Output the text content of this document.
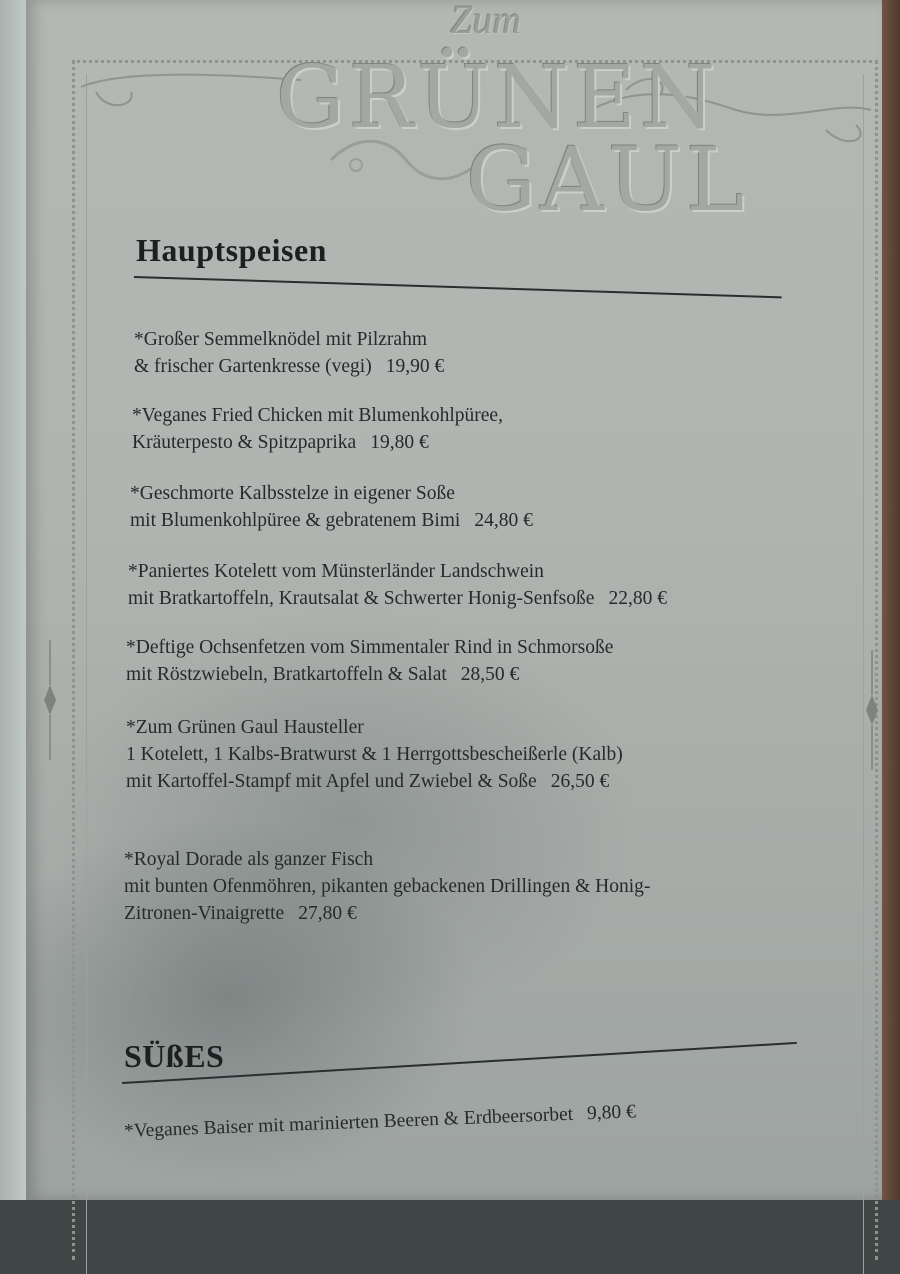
Zum
GRÜNEN
GAUL
Hauptspeisen
*Großer Semmelknödel mit Pilzrahm
& frischer Gartenkresse (vegi) 19,90 €
*Veganes Fried Chicken mit Blumenkohlpüree,
Kräuterpesto & Spitzpaprika 19,80 €
*Geschmorte Kalbsstelze in eigener Soße
mit Blumenkohlpüree & gebratenem Bimi 24,80 €
*Paniertes Kotelett vom Münsterländer Landschwein
mit Bratkartoffeln, Krautsalat & Schwerter Honig-Senfsoße 22,80 €
*Deftige Ochsenfetzen vom Simmentaler Rind in Schmorsoße
mit Röstzwiebeln, Bratkartoffeln & Salat 28,50 €
*Zum Grünen Gaul Hausteller
1 Kotelett, 1 Kalbs-Bratwurst & 1 Herrgottsbescheißerle (Kalb)
mit Kartoffel-Stampf mit Apfel und Zwiebel & Soße 26,50 €
*Royal Dorade als ganzer Fisch
mit bunten Ofenmöhren, pikanten gebackenen Drillingen & Honig-
Zitronen-Vinaigrette 27,80 €
SÜßES
*Veganes Baiser mit marinierten Beeren & Erdbeersorbet 9,80 €
